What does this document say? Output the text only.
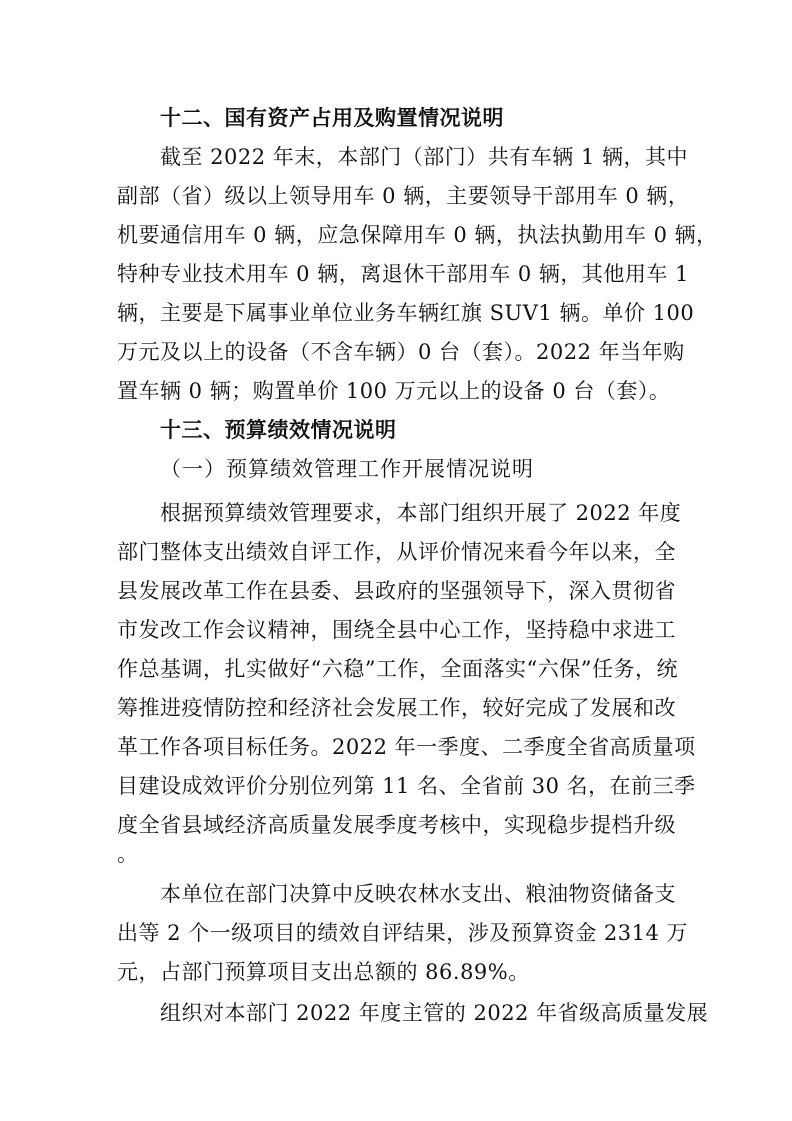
十二、国有资产占用及购置情况说明
截至 2022 年末，本部门（部门）共有车辆 1 辆，其中
副部（省）级以上领导用车 0 辆，主要领导干部用车 0 辆，
机要通信用车 0 辆，应急保障用车 0 辆，执法执勤用车 0 辆，
特种专业技术用车 0 辆，离退休干部用车 0 辆，其他用车 1
辆，主要是下属事业单位业务车辆红旗 SUV1 辆。单价 100
万元及以上的设备（不含车辆）0 台（套）。2022 年当年购
置车辆 0 辆；购置单价 100 万元以上的设备 0 台（套）。
十三、预算绩效情况说明
（一）预算绩效管理工作开展情况说明
根据预算绩效管理要求，本部门组织开展了 2022 年度
部门整体支出绩效自评工作，从评价情况来看今年以来，全
县发展改革工作在县委、县政府的坚强领导下，深入贯彻省
市发改工作会议精神，围绕全县中心工作，坚持稳中求进工
作总基调，扎实做好“六稳”工作，全面落实“六保”任务，统
筹推进疫情防控和经济社会发展工作，较好完成了发展和改
革工作各项目标任务。2022 年一季度、二季度全省高质量项
目建设成效评价分别位列第 11 名、全省前 30 名，在前三季
度全省县域经济高质量发展季度考核中，实现稳步提档升级
。
本单位在部门决算中反映农林水支出、粮油物资储备支
出等 2 个一级项目的绩效自评结果，涉及预算资金 2314 万
元，占部门预算项目支出总额的 86.89%。
组织对本部门 2022 年度主管的 2022 年省级高质量发展
